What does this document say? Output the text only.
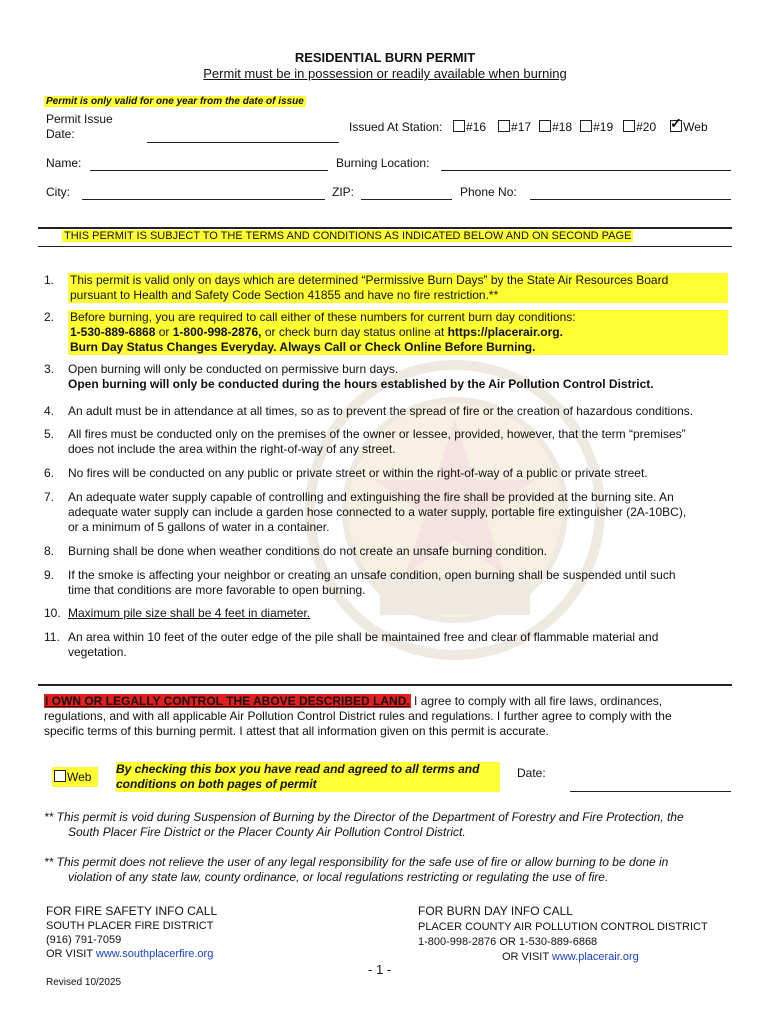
RESIDENTIAL BURN PERMIT
Permit must be in possession or readily available when burning
Permit is only valid for one year from the date of issue
Permit Issue
Date:	Issued At Station:	#16 #17 #18 #19 #20✓ Web
Name:	Burning Location:
City:	ZIP:	Phone No:
THIS PERMIT IS SUBJECT TO THE TERMS AND CONDITIONS AS INDICATED BELOW AND ON SECOND PAGE
1. This permit is valid only on days which are determined “Permissive Burn Days” by the State Air Resources Board
pursuant to Health and Safety Code Section 41855 and have no fire restriction.**
2. Before burning, you are required to call either of these numbers for current burn day conditions:
1-530-889-6868 or 1-800-998-2876, or check burn day status online at https://placerair.org.
Burn Day Status Changes Everyday. Always Call or Check Online Before Burning.
3. Open burning will only be conducted on permissive burn days.
Open burning will only be conducted during the hours established by the Air Pollution Control District.
4. An adult must be in attendance at all times, so as to prevent the spread of fire or the creation of hazardous conditions.
5. All fires must be conducted only on the premises of the owner or lessee, provided, however, that the term “premises”
does not include the area within the right-of-way of any street.
6. No fires will be conducted on any public or private street or within the right-of-way of a public or private street.
7. An adequate water supply capable of controlling and extinguishing the fire shall be provided at the burning site. An
adequate water supply can include a garden hose connected to a water supply, portable fire extinguisher (2A-10BC),
or a minimum of 5 gallons of water in a container.
8. Burning shall be done when weather conditions do not create an unsafe burning condition.
9. If the smoke is affecting your neighbor or creating an unsafe condition, open burning shall be suspended until such
time that conditions are more favorable to open burning.
10. Maximum pile size shall be 4 feet in diameter.
11. An area within 10 feet of the outer edge of the pile shall be maintained free and clear of flammable material and
vegetation.
I OWN OR LEGALLY CONTROL THE ABOVE DESCRIBED LAND. I agree to comply with all fire laws, ordinances,
regulations, and with all applicable Air Pollution Control District rules and regulations. I further agree to comply with the
specific terms of this burning permit. I attest that all information given on this permit is accurate.
Web
By checking this box you have read and agreed to all terms and
conditions on both pages of permit
Date:
** This permit is void during Suspension of Burning by the Director of the Department of Forestry and Fire Protection, the
South Placer Fire District or the Placer County Air Pollution Control District.
** This permit does not relieve the user of any legal responsibility for the safe use of fire or allow burning to be done in
violation of any state law, county ordinance, or local regulations restricting or regulating the use of fire.
FOR FIRE SAFETY INFO CALL
SOUTH PLACER FIRE DISTRICT
(916) 791-7059
OR VISIT www.southplacerfire.org
FOR BURN DAY INFO CALL
PLACER COUNTY AIR POLLUTION CONTROL DISTRICT
1-800-998-2876 OR 1-530-889-6868
OR VISIT www.placerair.org
- 1 -
Revised 10/2025
